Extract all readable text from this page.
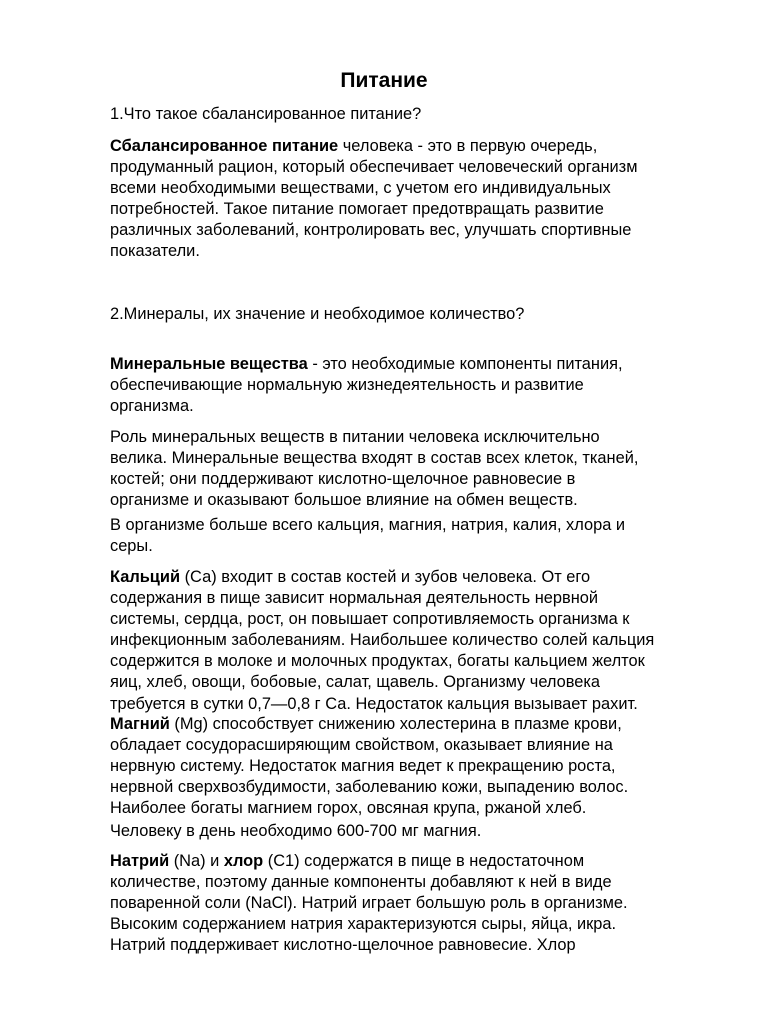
Питание

1.Что такое сбалансированное питание?

Сбалансированное питание человека - это в первую очередь,
продуманный рацион, который обеспечивает человеческий организм
всеми необходимыми веществами, с учетом его индивидуальных
потребностей. Такое питание помогает предотвращать развитие
различных заболеваний, контролировать вес, улучшать спортивные
показатели.

2.Минералы, их значение и необходимое количество?

Минеральные вещества - это необходимые компоненты питания,
обеспечивающие нормальную жизнедеятельность и развитие
организма.
Роль минеральных веществ в питании человека исключительно
велика. Минеральные вещества входят в состав всех клеток, тканей,
костей; они поддерживают кислотно-щелочное равновесие в
организме и оказывают большое влияние на обмен веществ.
В организме больше всего кальция, магния, натрия, калия, хлора и
серы.
Кальций (Са) входит в состав костей и зубов человека. От его
содержания в пище зависит нормальная деятельность нервной
системы, сердца, рост, он повышает сопротивляемость организма к
инфекционным заболеваниям. Наибольшее количество солей кальция
содержится в молоке и молочных продуктах, богаты кальцием желток
яиц, хлеб, овощи, бобовые, салат, щавель. Организму человека
требуется в сутки 0,7—0,8 г Са. Недостаток кальция вызывает рахит.
Магний (Mg) способствует снижению холестерина в плазме крови,
обладает сосудорасширяющим свойством, оказывает влияние на
нервную систему. Недостаток магния ведет к прекращению роста,
нервной сверхвозбудимости, заболеванию кожи, выпадению волос.
Наиболее богаты магнием горох, овсяная крупа, ржаной хлеб.

Человеку в день необходимо 600-700 мг магния.

Натрий (Na) и хлор (С1) содержатся в пище в недостаточном
количестве, поэтому данные компоненты добавляют к ней в виде
поваренной соли (NaCl). Натрий играет большую роль в организме.
Высоким содержанием натрия характеризуются сыры, яйца, икра.
Натрий поддерживает кислотно-щелочное равновесие. Хлор
